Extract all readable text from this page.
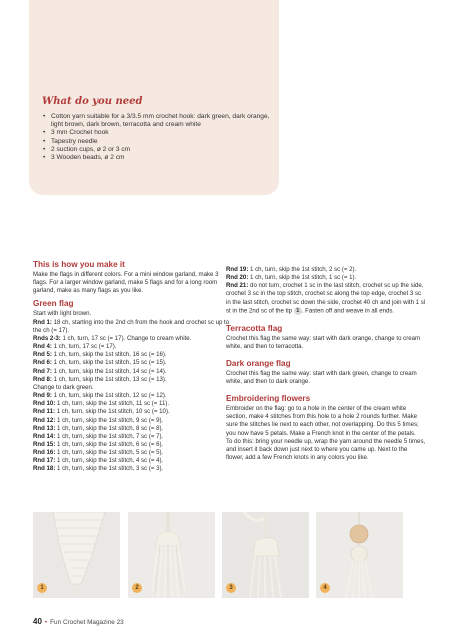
What do you need
• Cotton yarn suitable for a 3/3.5 mm crochet hook: dark green, dark orange, light brown, dark brown, terracotta and cream white
• 3 mm Crochet hook
• Tapestry needle
• 2 suction cups, ø 2 or 3 cm
• 3 Wooden beads, ø 2 cm
This is how you make it

Make the flags in different colors. For a mini window garland, make 3 flags. For a larger window garland, make 5 flags and for a long room garland, make as many flags as you like.

Green flag

Start with light brown.

Rnd 1: 18 ch, starting into the 2nd ch from the hook and crochet sc up to the ch (= 17).

Rnds 2-3: 1 ch, turn, 17 sc (= 17). Change to cream white.

Rnd 4: 1 ch, turn, 17 sc (= 17).

Rnd 5: 1 ch, turn, skip the 1st stitch, 16 sc (= 16).

Rnd 6: 1 ch, turn, skip the 1st stitch, 15 sc (= 15).

Rnd 7: 1 ch, turn, skip the 1st stitch, 14 sc (= 14).

Rnd 8: 1 ch, turn, skip the 1st stitch, 13 sc (= 13).

Change to dark green.

Rnd 9: 1 ch, turn, skip the 1st stitch, 12 sc (= 12).

Rnd 10: 1 ch, turn, skip the 1st stitch, 11 sc (= 11).

Rnd 11: 1 ch, turn, skip the 1st stitch, 10 sc (= 10).

Rnd 12: 1 ch, turn, skip the 1st stitch, 9 sc (= 9).

Rnd 13: 1 ch, turn, skip the 1st stitch, 8 sc (= 8).

Rnd 14: 1 ch, turn, skip the 1st stitch, 7 sc (= 7).

Rnd 15: 1 ch, turn, skip the 1st stitch, 6 sc (= 6).

Rnd 16: 1 ch, turn, skip the 1st stitch, 5 sc (= 5).

Rnd 17: 1 ch, turn, skip the 1st stitch, 4 sc (= 4).

Rnd 18: 1 ch, turn, skip the 1st stitch, 3 sc (= 3).

Rnd 19: 1 ch, turn, skip the 1st stitch, 2 sc (= 2).

Rnd 20: 1 ch, turn, skip the 1st stitch, 1 sc (= 1).

Rnd 21: do not turn, crochet 1 sc in the last stitch, crochet sc up the side, crochet 3 sc in the top stitch, crochet sc along the top edge, crochet 3 sc in the last stitch, crochet sc down the side, crochet 40 ch and join with 1 sl st in the 2nd sc of the tip 1 . Fasten off and weave in all ends.

Terracotta flag

Crochet this flag the same way: start with dark orange, change to cream white, and then to terracotta.

Dark orange flag

Crochet this flag the same way: start with dark green, change to cream white, and then to dark orange.

Embroidering flowers

Embroider on the flag: go to a hole in the center of the cream white section, make 4 stitches from this hole to a hole 2 rounds further. Make sure the stitches lie next to each other, not overlapping. Do this 5 times; you now have 5 petals. Make a French knot in the center of the petals.

To do this: bring your needle up, wrap the yarn around the needle 5 times, and insert it back down just next to where you came up. Next to the flower, add a few French knots in any colors you like.

1	2	3	4
40 • Fun Crochet Magazine 23
